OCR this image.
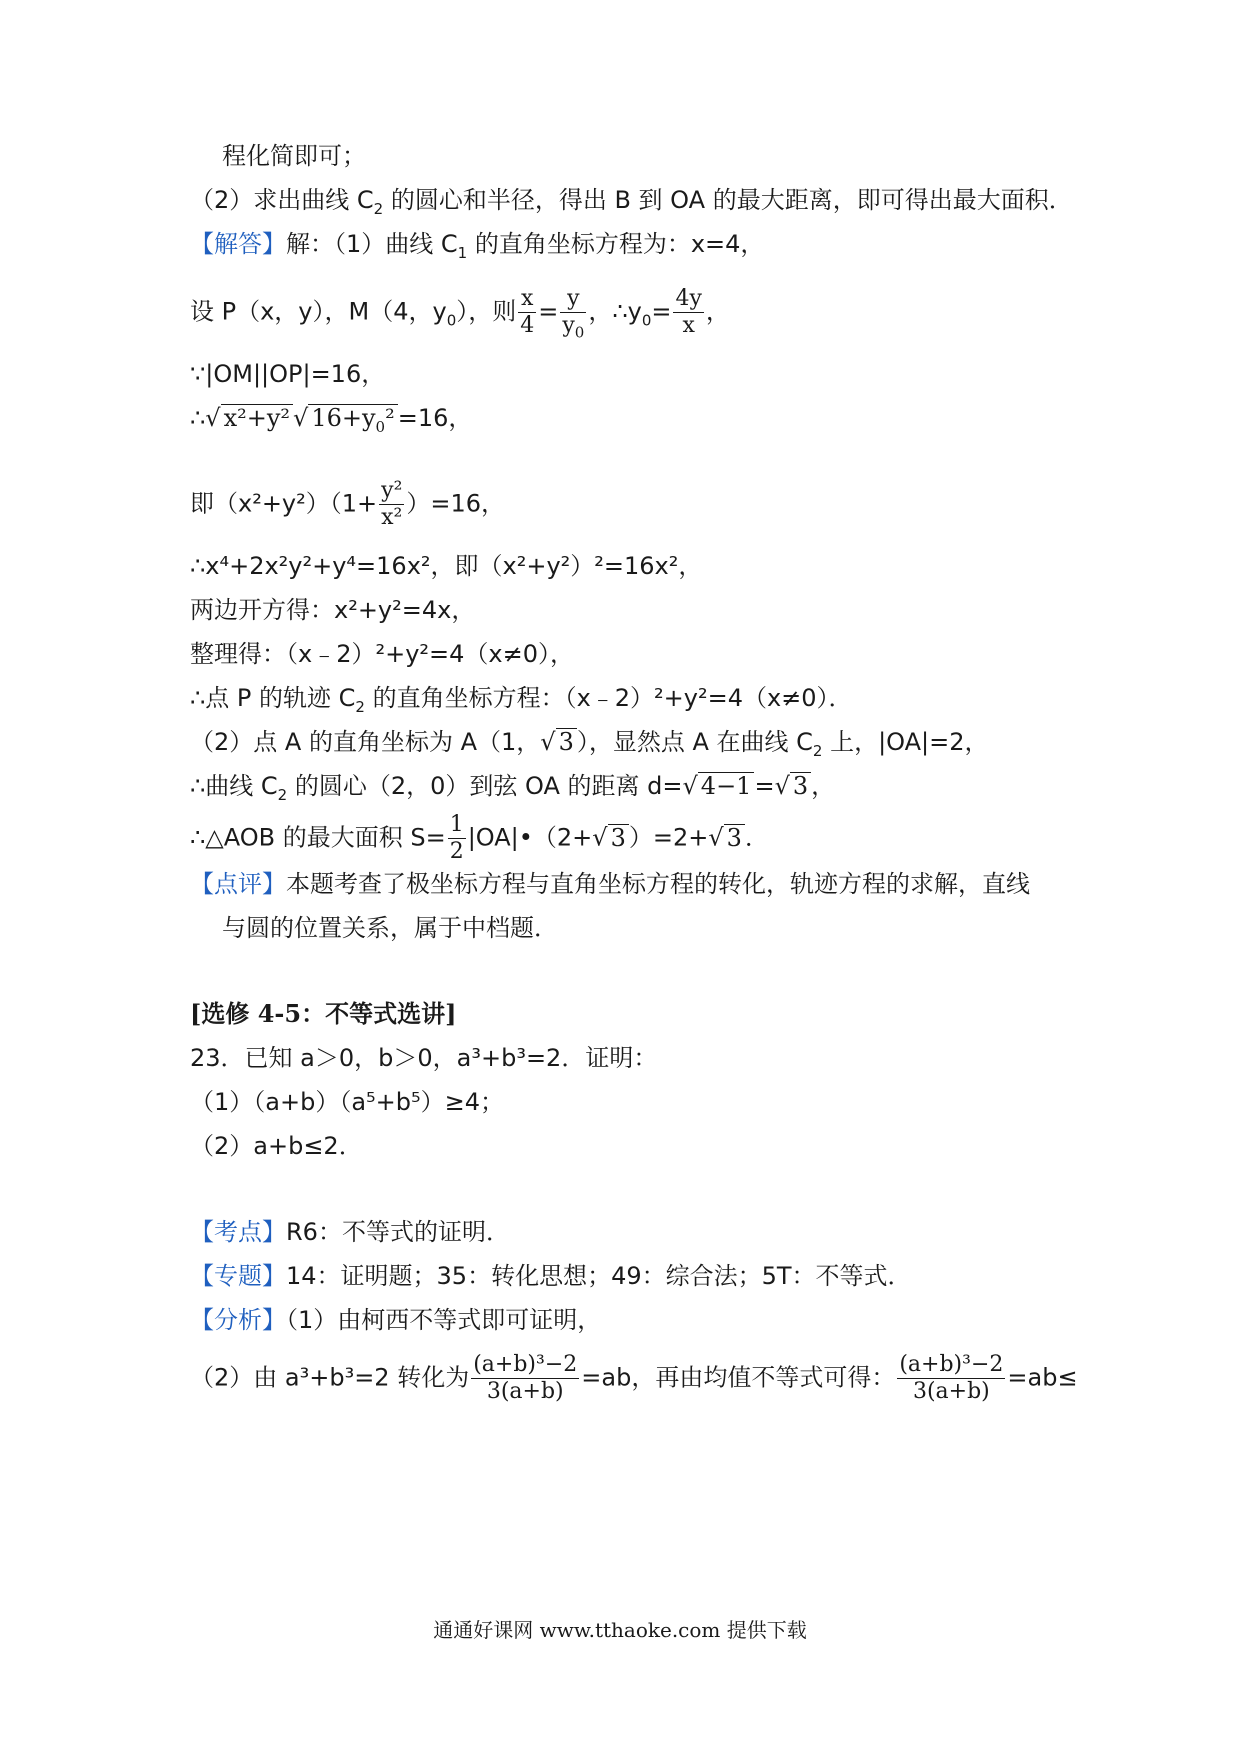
程化简即可；
（2）求出曲线 $C_2$ 的圆心和半径，得出 B 到 OA 的最大距离，即可得出最大面积．
【解答】解：（1）曲线 $C_1$ 的直角坐标方程为：x=4，
设 P（x，y），M（4，$y_0$），则 $\frac{x}{4} = \frac{y}{y_0}$ ，$\therefore y_0= \frac{4y}{x}$ ，
∵|OM||OP|=16，
∴√ x²+y² √ $16+y_0^2 =16$，
即$(x^2+y^2)(1+ \frac{\text{y²}}{\text{x²}} )=16$，
∴x⁴+2x²y²+y⁴=16x²，即（x²+y²）²=16x²，
两边开方得：x²+y²=4x，
整理得：（x﹣2）²+y²=4（x≠0），
∴点 P 的轨迹 $C_2$ 的直角坐标方程：（x﹣2）²+y²=4（x≠0）．
（2）点 A 的直角坐标为 A（1，√ 3 ），显然点 A 在曲线 $C_2$ 上，|OA|=2，
∴曲线 $C_2$ 的圆心（2，0）到弦 OA 的距离 d=√ 4−1 =√ 3 ，
∴△AOB 的最大面积 $S= \frac{1}{2}$ |OA|•（2+√ 3 ）=2+√ 3 ．
【点评】本题考查了极坐标方程与直角坐标方程的转化，轨迹方程的求解，直线
与圆的位置关系，属于中档题．
[选修 4-5：不等式选讲]
23．已知 a＞0，b＞0，a³+b³=2．证明：
（1）（a+b）（a⁵+b⁵）≥4；
（2）a+b≤2．
【考点】R6：不等式的证明．
【专题】14：证明题；35：转化思想；49：综合法；5T：不等式．
【分析】（1）由柯西不等式即可证明，
（2）由 a³+b³=2 转化为 $\frac{\text{(a+b)³−2}}{3(a+b)} =ab$，再由均值不等式可得： $\frac{\text{(a+b)³−2}}{3(a+b)} =ab\le$
通通好课网 www.tthaoke.com 提供下载
